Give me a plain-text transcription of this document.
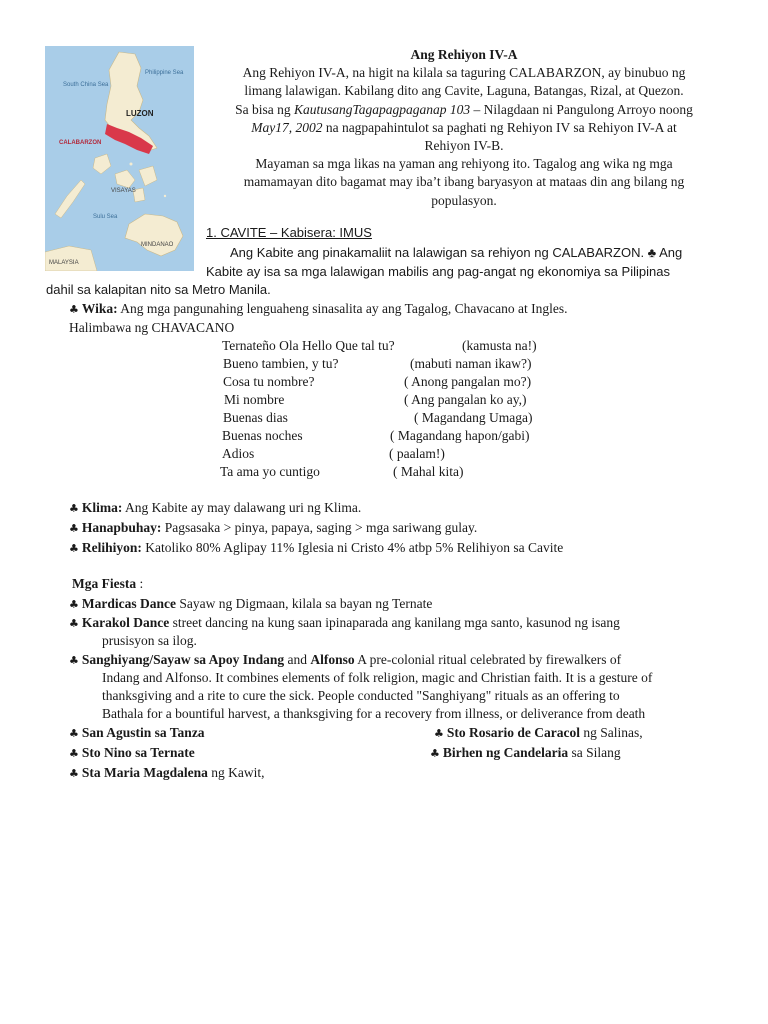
South China Sea
Philippine Sea
LUZON
CALABARZON
VISAYAS
Sulu Sea
MINDANAO
MALAYSIA
Ang Rehiyon IV-A
Ang Rehiyon IV-A, na higit na kilala sa taguring CALABARZON, ay binubuo ng
limang lalawigan. Kabilang dito ang Cavite, Laguna, Batangas, Rizal, at Quezon.
Sa bisa ng KautusangTagapagpaganap 103 – Nilagdaan ni Pangulong Arroyo noong
May17, 2002 na nagpapahintulot sa paghati ng Rehiyon IV sa Rehiyon IV-A at
Rehiyon IV-B.
Mayaman sa mga likas na yaman ang rehiyong ito. Tagalog ang wika ng mga
mamamayan dito bagamat may iba’t ibang baryasyon at mataas din ang bilang ng
populasyon.
1. CAVITE – Kabisera: IMUS
Ang Kabite ang pinakamaliit na lalawigan sa rehiyon ng CALABARZON. ♣ Ang
Kabite ay isa sa mga lalawigan mabilis ang pag-angat ng ekonomiya sa Pilipinas
dahil sa kalapitan nito sa Metro Manila.
♣ Wika: Ang mga pangunahing lenguaheng sinasalita ay ang Tagalog, Chavacano at Ingles.
Halimbawa ng CHAVACANO
Ternateño Ola Hello Que tal tu?	(kamusta na!)
Bueno tambien, y tu?	(mabuti naman ikaw?)
Cosa tu nombre?	( Anong pangalan mo?)
Mi nombre	( Ang pangalan ko ay,)
Buenas dias	( Magandang Umaga)
Buenas noches	( Magandang hapon/gabi)
Adios	( paalam!)
Ta ama yo cuntigo	( Mahal kita)
♣ Klima: Ang Kabite ay may dalawang uri ng Klima.
♣ Hanapbuhay: Pagsasaka > pinya, papaya, saging > mga sariwang gulay.
♣ Relihiyon: Katoliko 80% Aglipay 11% Iglesia ni Cristo 4% atbp 5% Relihiyon sa Cavite
Mga Fiesta :
♣ Mardicas Dance Sayaw ng Digmaan, kilala sa bayan ng Ternate
♣ Karakol Dance street dancing na kung saan ipinaparada ang kanilang mga santo, kasunod ng isang
prusisyon sa ilog.
♣ Sanghiyang/Sayaw sa Apoy Indang and Alfonso A pre-colonial ritual celebrated by firewalkers of
Indang and Alfonso. It combines elements of folk religion, magic and Christian faith. It is a gesture of
thanksgiving and a rite to cure the sick. People conducted "Sanghiyang" rituals as an offering to
Bathala for a bountiful harvest, a thanksgiving for a recovery from illness, or deliverance from death
♣ San Agustin sa Tanza	♣ Sto Rosario de Caracol ng Salinas,
♣ Sto Nino sa Ternate	♣ Birhen ng Candelaria sa Silang
♣ Sta Maria Magdalena ng Kawit,
